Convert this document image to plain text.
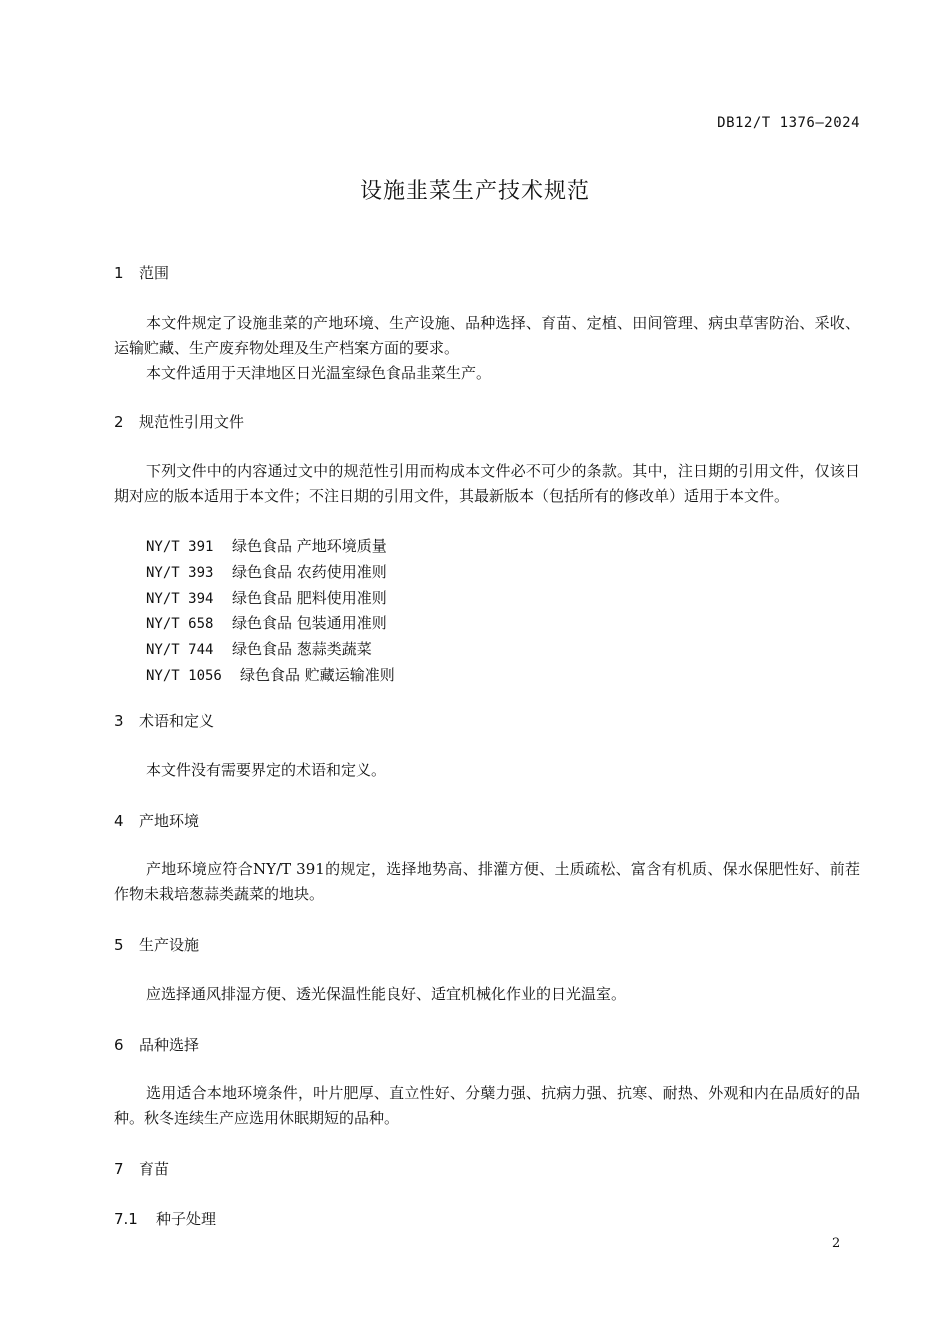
DB12/T 1376—2024
设施韭菜生产技术规范
1 范围
本文件规定了设施韭菜的产地环境、生产设施、品种选择、育苗、定植、田间管理、病虫草害防治、采收、运输贮藏、生产废弃物处理及生产档案方面的要求。
本文件适用于天津地区日光温室绿色食品韭菜生产。
2 规范性引用文件
下列文件中的内容通过文中的规范性引用而构成本文件必不可少的条款。其中，注日期的引用文件，仅该日期对应的版本适用于本文件；不注日期的引用文件，其最新版本（包括所有的修改单）适用于本文件。
NY/T 391 绿色食品 产地环境质量
NY/T 393 绿色食品 农药使用准则
NY/T 394 绿色食品 肥料使用准则
NY/T 658 绿色食品 包装通用准则
NY/T 744 绿色食品 葱蒜类蔬菜
NY/T 1056 绿色食品 贮藏运输准则
3 术语和定义
本文件没有需要界定的术语和定义。
4 产地环境
产地环境应符合NY/T 391的规定，选择地势高、排灌方便、土质疏松、富含有机质、保水保肥性好、前茬作物未栽培葱蒜类蔬菜的地块。
5 生产设施
应选择通风排湿方便、透光保温性能良好、适宜机械化作业的日光温室。
6 品种选择
选用适合本地环境条件，叶片肥厚、直立性好、分蘖力强、抗病力强、抗寒、耐热、外观和内在品质好的品种。秋冬连续生产应选用休眠期短的品种。
7 育苗
7.1 种子处理
2
